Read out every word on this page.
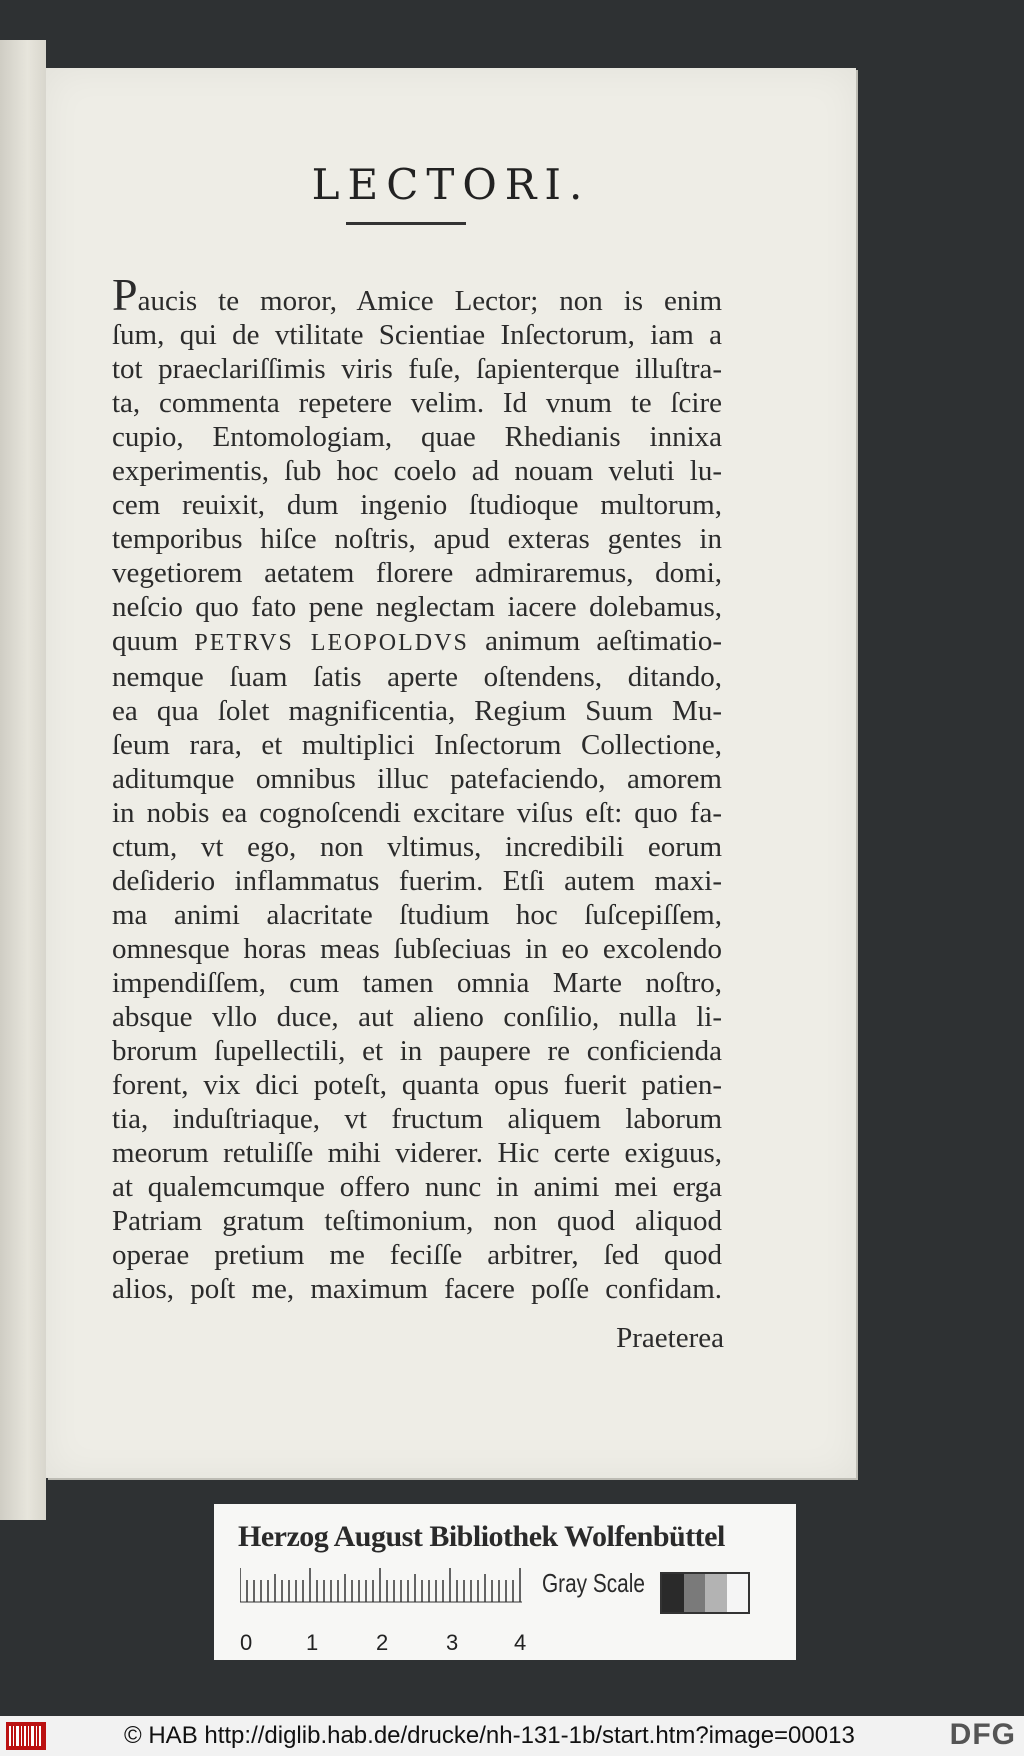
LECTORI.
Paucis te moror, Amice Lector; non is enim
ſum, qui de vtilitate Scientiae Inſectorum, iam a
tot praeclariſſimis viris fuſe, ſapienterque illuſtra-
ta, commenta repetere velim. Id vnum te ſcire
cupio, Entomologiam, quae Rhedianis innixa
experimentis, ſub hoc coelo ad nouam veluti lu-
cem reuixit, dum ingenio ſtudioque multorum,
temporibus hiſce noſtris, apud exteras gentes in
vegetiorem aetatem florere admiraremus, domi,
neſcio quo fato pene neglectam iacere dolebamus,
quum PETRVS LEOPOLDVS animum aeſtimatio-
nemque ſuam ſatis aperte oſtendens, ditando,
ea qua ſolet magnificentia, Regium Suum Mu-
ſeum rara, et multiplici Inſectorum Collectione,
aditumque omnibus illuc patefaciendo, amorem
in nobis ea cognoſcendi excitare viſus eſt: quo fa-
ctum, vt ego, non vltimus, incredibili eorum
deſiderio inflammatus fuerim. Etſi autem maxi-
ma animi alacritate ſtudium hoc ſuſcepiſſem,
omnesque horas meas ſubſeciuas in eo excolendo
impendiſſem, cum tamen omnia Marte noſtro,
absque vllo duce, aut alieno conſilio, nulla li-
brorum ſupellectili, et in paupere re conficienda
forent, vix dici poteſt, quanta opus fuerit patien-
tia, induſtriaque, vt fructum aliquem laborum
meorum retuliſſe mihi viderer. Hic certe exiguus,
at qualemcumque offero nunc in animi mei erga
Patriam gratum teſtimonium, non quod aliquod
operae pretium me feciſſe arbitrer, ſed quod
alios, poſt me, maximum facere poſſe confidam.
Praeterea
Herzog August Bibliothek Wolfenbüttel
0 1	2	3	4
Gray Scale
© HAB http://diglib.hab.de/drucke/nh-131-1b/start.htm?image=00013	DFG
